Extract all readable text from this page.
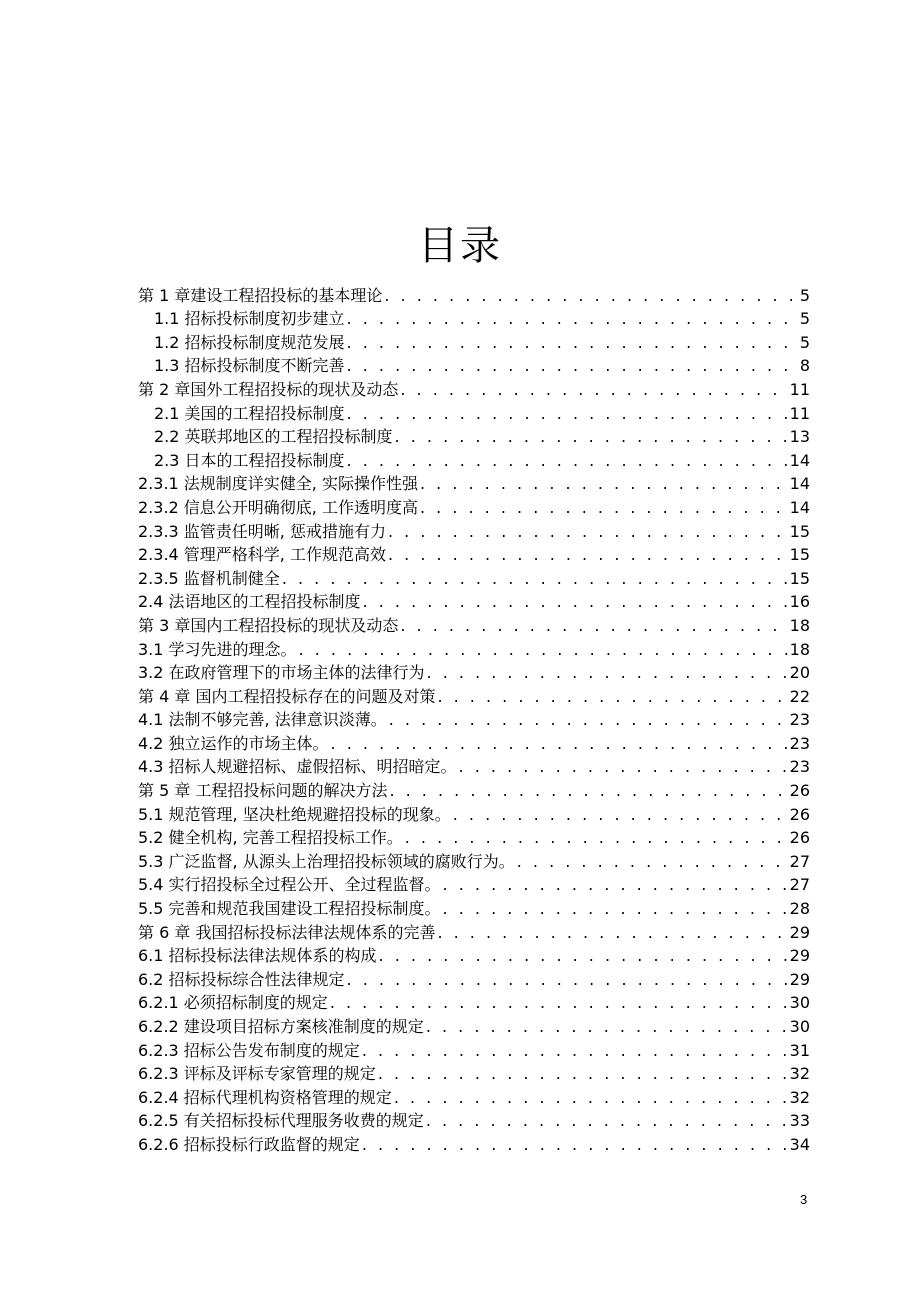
目录
第 1 章建设工程招投标的基本理论 . . .	5
1.1 招标投标制度初步建立 . . .	5
1.2 招标投标制度规范发展 . . .	5
1.3 招标投标制度不断完善 . . .	8
第 2 章国外工程招投标的现状及动态 . . .	11
2.1 美国的工程招投标制度 . . .	11
2.2 英联邦地区的工程招投标制度 . . .	13
2.3 日本的工程招投标制度 . . .	14
2.3.1 法规制度详实健全, 实际操作性强 . . .	14
2.3.2 信息公开明确彻底, 工作透明度高 . . .	14
2.3.3 监管责任明晰, 惩戒措施有力 . . .	15
2.3.4 管理严格科学, 工作规范高效 . . .	15
2.3.5 监督机制健全 . . .	15
2.4 法语地区的工程招投标制度 . . .	16
第 3 章国内工程招投标的现状及动态 . . .	18
3.1 学习先进的理念。 . . .	18
3.2 在政府管理下的市场主体的法律行为 . . .	20
第 4 章 国内工程招投标存在的问题及对策 . . .	22
4.1 法制不够完善, 法律意识淡薄。 . . .	23
4.2 独立运作的市场主体。 . . .	23
4.3 招标人规避招标、虚假招标、明招暗定。 . . .	23
第 5 章 工程招投标问题的解决方法 . . .	26
5.1 规范管理, 坚决杜绝规避招投标的现象。 . . .	26
5.2 健全机构, 完善工程招投标工作。 . . .	26
5.3 广泛监督, 从源头上治理招投标领域的腐败行为。 . . .	27
5.4 实行招投标全过程公开、全过程监督。 . . .	27
5.5 完善和规范我国建设工程招投标制度。 . . .	28
第 6 章 我国招标投标法律法规体系的完善 . . .	29
6.1 招标投标法律法规体系的构成 . . .	29
6.2 招标投标综合性法律规定 . . .	29
6.2.1 必须招标制度的规定 . . .	30
6.2.2 建设项目招标方案核准制度的规定 . . .	30
6.2.3 招标公告发布制度的规定 . . .	31
6.2.3 评标及评标专家管理的规定 . . .	32
6.2.4 招标代理机构资格管理的规定 . . .	32
6.2.5 有关招标投标代理服务收费的规定 . . .	33
6.2.6 招标投标行政监督的规定 . . .	34
3
